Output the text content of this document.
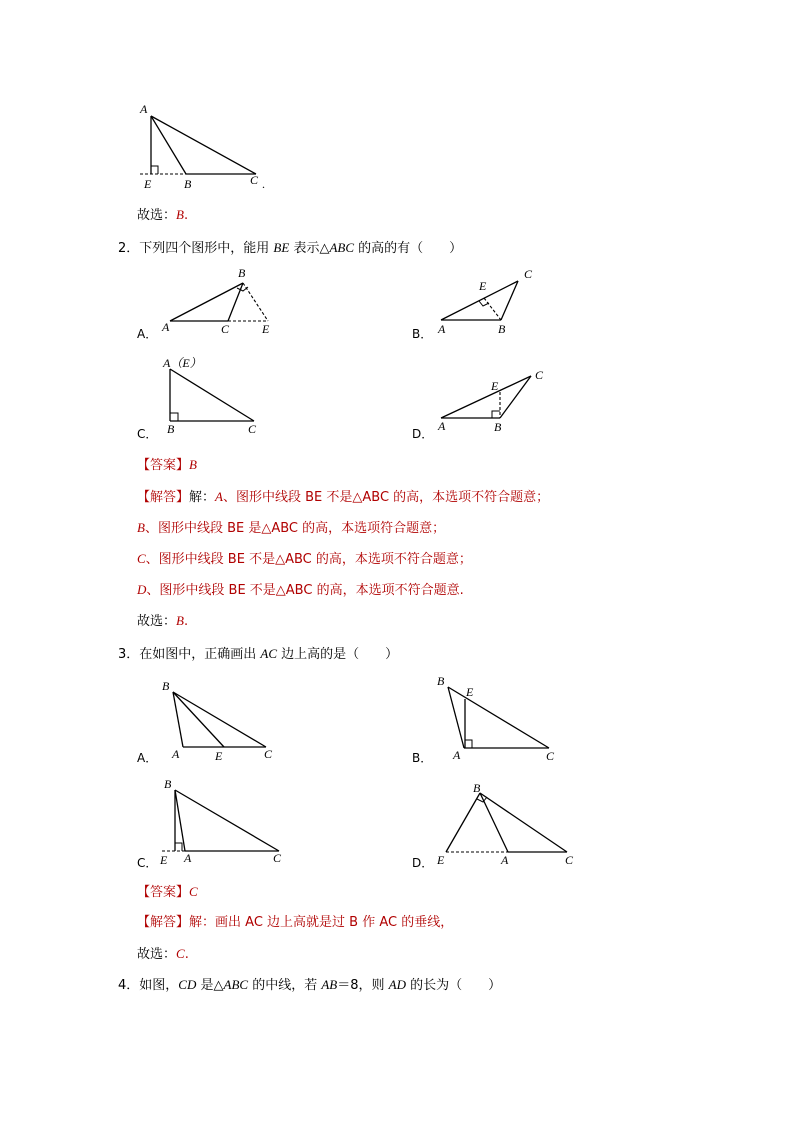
A
E	B	C .
故选：B.
2．下列四个图形中，能用 BE 表示△ABC 的高的有（　　）
A．
B
A	C	E	B．
C
E
A	B
C．
A（E）
B	C	D．
C
E
A	B
【答案】B
【解答】解：A、图形中线段 BE 不是△ABC 的高，本选项不符合题意；
B、图形中线段 BE 是△ABC 的高，本选项符合题意；
C、图形中线段 BE 不是△ABC 的高，本选项不符合题意；
D、图形中线段 BE 不是△ABC 的高，本选项不符合题意.
故选：B.
3．在如图中，正确画出 AC 边上高的是（　　）
A．
B
A	E	C	B．
B
E
A	C
C．
B
E A	C	D．
B
E	A	C
【答案】C
【解答】解：画出 AC 边上高就是过 B 作 AC 的垂线，
故选：C.
4．如图，CD 是△ABC 的中线，若 AB＝8，则 AD 的长为（　　）
